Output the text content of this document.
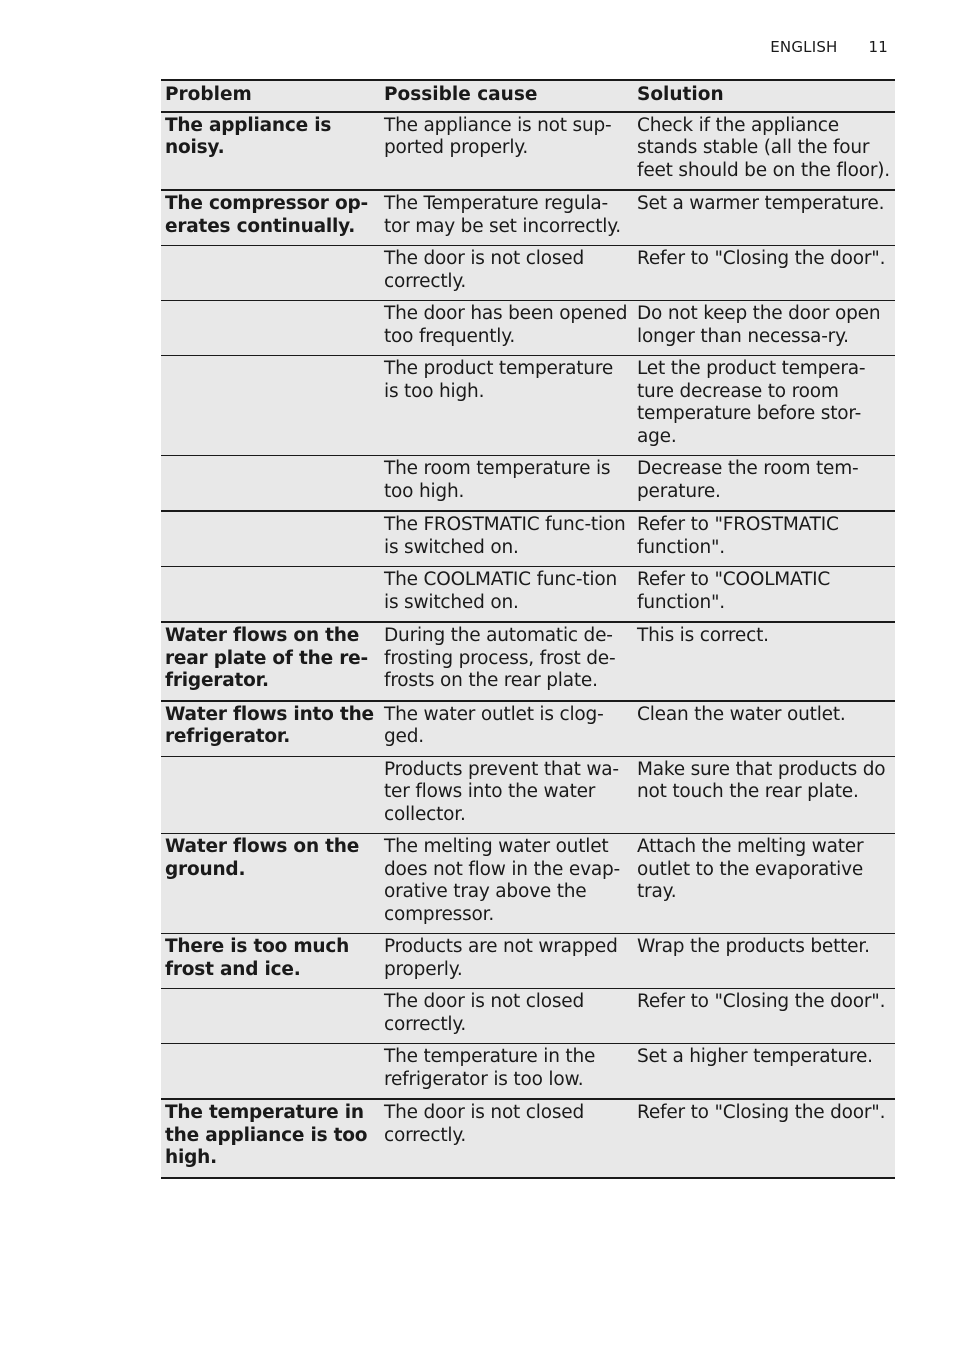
ENGLISH 11
Problem	Possible cause	Solution
The appliance is noisy.	The appliance is not sup-ported properly.	Check if the appliance stands stable (all the four feet should be on the floor).
The compressor op-erates continually.	The Temperature regula-tor may be set incorrectly.	Set a warmer temperature.
	The door is not closed correctly.	Refer to "Closing the door".
	The door has been opened too frequently.	Do not keep the door open longer than necessa-ry.
	The product temperature is too high.	Let the product tempera-ture decrease to room temperature before stor-age.
	The room temperature is too high.	Decrease the room tem-perature.
	The FROSTMATIC func-tion is switched on.	Refer to "FROSTMATIC function".
	The COOLMATIC func-tion is switched on.	Refer to "COOLMATIC function".
Water flows on the rear plate of the re-frigerator.	During the automatic de-frosting process, frost de-frosts on the rear plate.	This is correct.
Water flows into the refrigerator.	The water outlet is clog-ged.	Clean the water outlet.
	Products prevent that wa-ter flows into the water collector.	Make sure that products do not touch the rear plate.
Water flows on the ground.	The melting water outlet does not flow in the evap-orative tray above the compressor.	Attach the melting water outlet to the evaporative tray.
There is too much frost and ice.	Products are not wrapped properly.	Wrap the products better.
	The door is not closed correctly.	Refer to "Closing the door".
	The temperature in the refrigerator is too low.	Set a higher temperature.
The temperature in the appliance is too high.	The door is not closed correctly.	Refer to "Closing the door".
